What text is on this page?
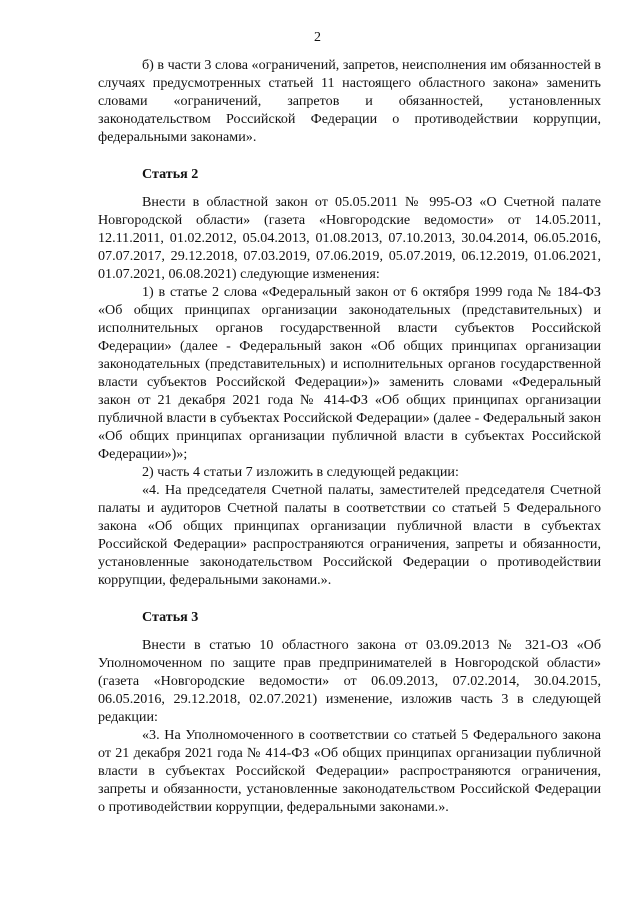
2

б) в части 3 слова «ограничений, запретов, неисполнения им обязанностей в случаях предусмотренных статьей 11 настоящего областного закона» заменить словами «ограничений, запретов и обязанностей, установленных законодательством Российской Федерации о противодействии коррупции, федеральными законами».

Статья 2

Внести в областной закон от 05.05.2011 № 995-ОЗ «О Счетной палате Новгородской области» (газета «Новгородские ведомости» от 14.05.2011, 12.11.2011, 01.02.2012, 05.04.2013, 01.08.2013, 07.10.2013, 30.04.2014, 06.05.2016, 07.07.2017, 29.12.2018, 07.03.2019, 07.06.2019, 05.07.2019, 06.12.2019, 01.06.2021, 01.07.2021, 06.08.2021) следующие изменения:

1) в статье 2 слова «Федеральный закон от 6 октября 1999 года № 184-ФЗ «Об общих принципах организации законодательных (представительных) и исполнительных органов государственной власти субъектов Российской Федерации» (далее - Федеральный закон «Об общих принципах организации законодательных (представительных) и исполнительных органов государственной власти субъектов Российской Федерации»)» заменить словами «Федеральный закон от 21 декабря 2021 года № 414-ФЗ «Об общих принципах организации публичной власти в субъектах Российской Федерации» (далее - Федеральный закон «Об общих принципах организации публичной власти в субъектах Российской Федерации»)»;

2) часть 4 статьи 7 изложить в следующей редакции:

«4. На председателя Счетной палаты, заместителей председателя Счетной палаты и аудиторов Счетной палаты в соответствии со статьей 5 Федерального закона «Об общих принципах организации публичной власти в субъектах Российской Федерации» распространяются ограничения, запреты и обязанности, установленные законодательством Российской Федерации о противодействии коррупции, федеральными законами.».

Статья 3

Внести в статью 10 областного закона от 03.09.2013 № 321-ОЗ «Об Уполномоченном по защите прав предпринимателей в Новгородской области» (газета «Новгородские ведомости» от 06.09.2013, 07.02.2014, 30.04.2015, 06.05.2016, 29.12.2018, 02.07.2021) изменение, изложив часть 3 в следующей редакции:

«3. На Уполномоченного в соответствии со статьей 5 Федерального закона от 21 декабря 2021 года № 414-ФЗ «Об общих принципах организации публичной власти в субъектах Российской Федерации» распространяются ограничения, запреты и обязанности, установленные законодательством Российской Федерации о противодействии коррупции, федеральными законами.».
